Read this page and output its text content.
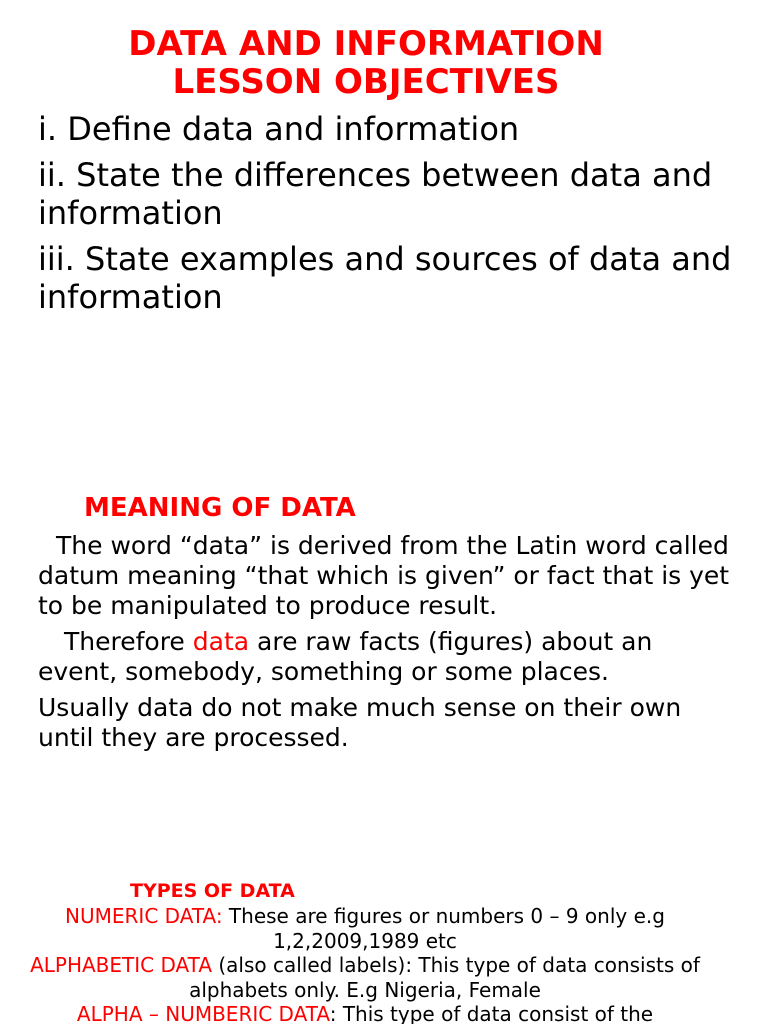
DATA AND INFORMATION
LESSON OBJECTIVES

i. Define data and information

ii. State the differences between data and information

iii. State examples and sources of data and information

MEANING OF DATA

The word “data” is derived from the Latin word called datum meaning “that which is given” or fact that is yet to be manipulated to produce result.

Therefore data are raw facts (figures) about an event, somebody, something or some places.

Usually data do not make much sense on their own until they are processed.

TYPES OF DATA

NUMERIC DATA: These are figures or numbers 0 – 9 only e.g 1,2,2009,1989 etc

ALPHABETIC DATA (also called labels): This type of data consists of alphabets only. E.g Nigeria, Female

ALPHA – NUMBERIC DATA: This type of data consist of the
